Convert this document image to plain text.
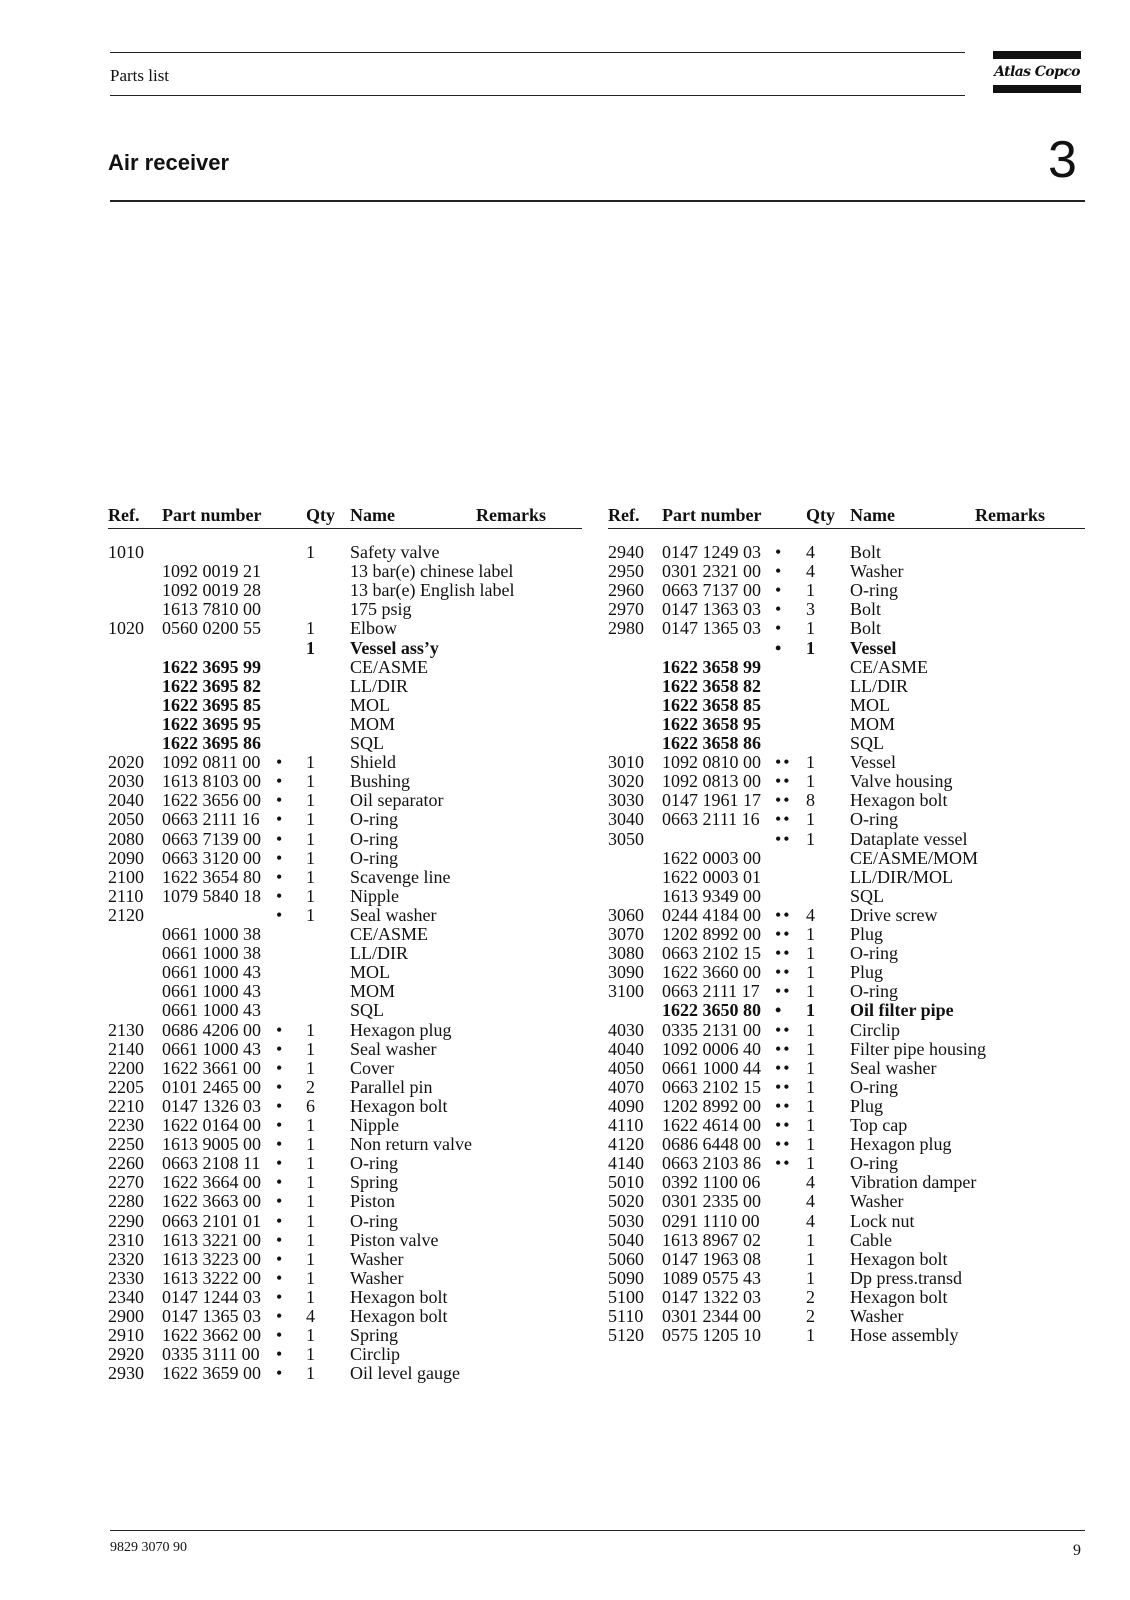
Parts list	Atlas Copco
Air receiver	3
Ref. Part number Qty Name	Remarks	Ref. Part number Qty Name	Remarks
1010	1 Safety valve
1092 0019 21	13 bar(e) chinese label
1092 0019 28	13 bar(e) English label
1613 7810 00	175 psig
1020 0560 0200 55	1 Elbow
1 Vessel ass’y
1622 3695 99	CE/ASME
1622 3695 82	LL/DIR
1622 3695 85	MOL
1622 3695 95	MOM
1622 3695 86	SQL
2020 1092 0811 00 • 1 Shield
2030 1613 8103 00 • 1 Bushing
2040 1622 3656 00 • 1 Oil separator
2050 0663 2111 16 • 1 O-ring
2080 0663 7139 00 • 1 O-ring
2090 0663 3120 00 • 1 O-ring
2100 1622 3654 80 • 1 Scavenge line
2110 1079 5840 18 • 1 Nipple
2120	• 1 Seal washer
0661 1000 38	CE/ASME
0661 1000 38	LL/DIR
0661 1000 43	MOL
0661 1000 43	MOM
0661 1000 43	SQL
2130 0686 4206 00 • 1 Hexagon plug
2140 0661 1000 43 • 1 Seal washer
2200 1622 3661 00 • 1 Cover
2205 0101 2465 00 • 2 Parallel pin
2210 0147 1326 03 • 6 Hexagon bolt
2230 1622 0164 00 • 1 Nipple
2250 1613 9005 00 • 1 Non return valve
2260 0663 2108 11 • 1 O-ring
2270 1622 3664 00 • 1 Spring
2280 1622 3663 00 • 1 Piston
2290 0663 2101 01 • 1 O-ring
2310 1613 3221 00 • 1 Piston valve
2320 1613 3223 00 • 1 Washer
2330 1613 3222 00 • 1 Washer
2340 0147 1244 03 • 1 Hexagon bolt
2900 0147 1365 03 • 4 Hexagon bolt
2910 1622 3662 00 • 1 Spring
2920 0335 3111 00 • 1 Circlip
2930 1622 3659 00 • 1 Oil level gauge
2940 0147 1249 03 • 4 Bolt
2950 0301 2321 00 • 4 Washer
2960 0663 7137 00 • 1 O-ring
2970 0147 1363 03 • 3 Bolt
2980 0147 1365 03 • 1 Bolt
• 1 Vessel
1622 3658 99	CE/ASME
1622 3658 82	LL/DIR
1622 3658 85	MOL
1622 3658 95	MOM
1622 3658 86	SQL
3010 1092 0810 00 •• 1 Vessel
3020 1092 0813 00 •• 1 Valve housing
3030 0147 1961 17 •• 8 Hexagon bolt
3040 0663 2111 16 •• 1 O-ring
3050	•• 1 Dataplate vessel
1622 0003 00	CE/ASME/MOM
1622 0003 01	LL/DIR/MOL
1613 9349 00	SQL
3060 0244 4184 00 •• 4 Drive screw
3070 1202 8992 00 •• 1 Plug
3080 0663 2102 15 •• 1 O-ring
3090 1622 3660 00 •• 1 Plug
3100 0663 2111 17 •• 1 O-ring
1622 3650 80 • 1 Oil filter pipe
4030 0335 2131 00 •• 1 Circlip
4040 1092 0006 40 •• 1 Filter pipe housing
4050 0661 1000 44 •• 1 Seal washer
4070 0663 2102 15 •• 1 O-ring
4090 1202 8992 00 •• 1 Plug
4110 1622 4614 00 •• 1 Top cap
4120 0686 6448 00 •• 1 Hexagon plug
4140 0663 2103 86 •• 1 O-ring
5010 0392 1100 06	4 Vibration damper
5020 0301 2335 00	4 Washer
5030 0291 1110 00	4 Lock nut
5040 1613 8967 02	1 Cable
5060 0147 1963 08	1 Hexagon bolt
5090 1089 0575 43	1 Dp press.transd
5100 0147 1322 03	2 Hexagon bolt
5110 0301 2344 00	2 Washer
5120 0575 1205 10	1 Hose assembly
9829 3070 90	9
